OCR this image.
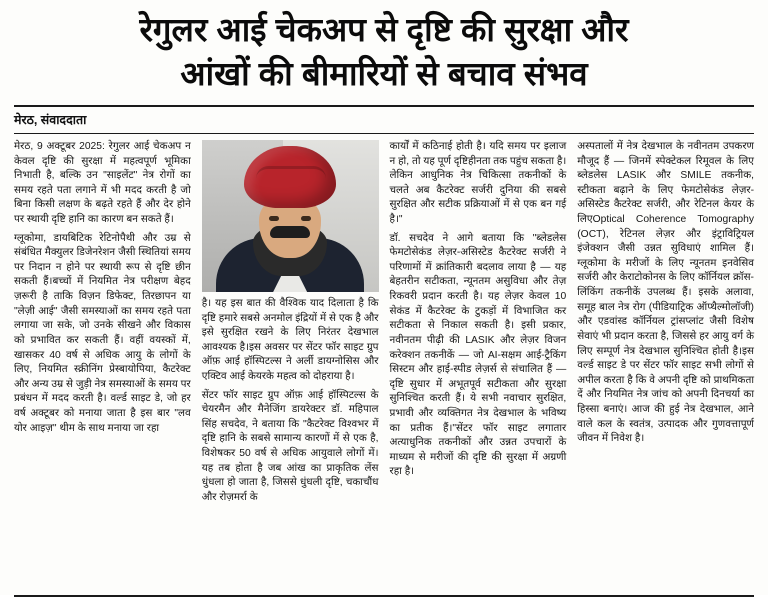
रेगुलर आई चेकअप से दृष्टि की सुरक्षा और
आंखों की बीमारियों से बचाव संभव
मेरठ, संवाददाता

मेरठ, 9 अक्टूबर 2025: रेगुलर आई चेकअप न केवल दृष्टि की सुरक्षा में महत्वपूर्ण भूमिका निभाती है, बल्कि उन "साइलेंट" नेत्र रोगों का समय रहते पता लगाने में भी मदद करती है जो बिना किसी लक्षण के बढ़ते रहते हैं और देर होने पर स्थायी दृष्टि हानि का कारण बन सकते हैं।

ग्लूकोमा, डायबिटिक रेटिनोपैथी और उम्र से संबंधित मैक्युलर डिजेनरेशन जैसी स्थितियां समय पर निदान न होने पर स्थायी रूप से दृष्टि छीन सकती हैं।बच्चों में नियमित नेत्र परीक्षण बेहद ज़रूरी है ताकि विज़न डिफेक्ट, तिरछापन या "लेज़ी आई" जैसी समस्याओं का समय रहते पता लगाया जा सके, जो उनके सीखने और विकास को प्रभावित कर सकती हैं। वहीं वयस्कों में, खासकर 40 वर्ष से अधिक आयु के लोगों के लिए, नियमित स्क्रीनिंग प्रेस्बायोपिया, कैटरेक्ट और अन्य उम्र से जुड़ी नेत्र समस्याओं के समय पर प्रबंधन में मदद करती है। वर्ल्ड साइट डे, जो हर वर्ष अक्टूबर को मनाया जाता है इस बार "लव योर आइज़" थीम के साथ मनाया जा रहा

है। यह इस बात की वैश्विक याद दिलाता है कि दृष्टि हमारे सबसे अनमोल इंद्रियों में से एक है और इसे सुरक्षित रखने के लिए निरंतर देखभाल आवश्यक है।इस अवसर पर सेंटर फॉर साइट ग्रुप ऑफ़ आई हॉस्पिटल्स ने अर्ली डायग्नोसिस और एक्टिव आई केयरके महत्व को दोहराया है।

सेंटर फॉर साइट ग्रुप ऑफ़ आई हॉस्पिटल्स के चेयरमैन और मैनेजिंग डायरेक्टर डॉ. महिपाल सिंह सचदेव, ने बताया कि "कैटरेक्ट विश्वभर में दृष्टि हानि के सबसे सामान्य कारणों में से एक है, विशेषकर 50 वर्ष से अधिक आयुवाले लोगों में। यह तब होता है जब आंख का प्राकृतिक लेंस धुंधला हो जाता है, जिससे धुंधली दृष्टि, चकाचौंध और रोज़मर्रा के

कार्यों में कठिनाई होती है। यदि समय पर इलाज न हो, तो यह पूर्ण दृष्टिहीनता तक पहुंच सकता है। लेकिन आधुनिक नेत्र चिकित्सा तकनीकों के चलते अब कैटरेक्ट सर्जरी दुनिया की सबसे सुरक्षित और सटीक प्रक्रियाओं में से एक बन गई है।"

डॉ. सचदेव ने आगे बताया कि "ब्लेडलेस फेमटोसेकंड लेज़र-असिस्टेड कैटरेक्ट सर्जरी ने परिणामों में क्रांतिकारी बदलाव लाया है — यह बेहतरीन सटीकता, न्यूनतम असुविधा और तेज़ रिकवरी प्रदान करती है। यह लेज़र केवल 10 सेकंड में कैटरेक्ट के टुकड़ों में विभाजित कर सटीकता से निकाल सकती है। इसी प्रकार, नवीनतम पीढ़ी की LASIK और लेज़र विजन करेक्शन तकनीकें — जो AI-सक्षम आई-ट्रैकिंग सिस्टम और हाई-स्पीड लेज़र्स से संचालित हैं — दृष्टि सुधार में अभूतपूर्व सटीकता और सुरक्षा सुनिश्चित करती हैं। ये सभी नवाचार सुरक्षित, प्रभावी और व्यक्तिगत नेत्र देखभाल के भविष्य का प्रतीक हैं।"सेंटर फॉर साइट लगातार अत्याधुनिक तकनीकों और उन्नत उपचारों के माध्यम से मरीजों की दृष्टि की सुरक्षा में अग्रणी रहा है।

अस्पतालों में नेत्र देखभाल के नवीनतम उपकरण मौजूद हैं — जिनमें स्पेक्टेकल रिमूवल के लिए ब्लेडलेस LASIK और SMILE तकनीक, स्टीकता बढ़ाने के लिए फेमटोसेकंड लेज़र-असिस्टेड कैटरेक्ट सर्जरी, और रेटिनल केयर के लिएOptical Coherence Tomography (OCT), रेटिनल लेज़र और इंट्राविट्रियल इंजेक्शन जैसी उन्नत सुविधाएं शामिल हैं। ग्लूकोमा के मरीजों के लिए न्यूनतम इनवेसिव सर्जरी और केराटोकोनस के लिए कॉर्नियल क्रॉस-लिंकिंग तकनीकें उपलब्ध हैं। इसके अलावा, समूह बाल नेत्र रोग (पीडियाट्रिक ऑप्थैल्मोलॉजी) और एडवांस्ड कॉर्नियल ट्रांसप्लांट जैसी विशेष सेवाएं भी प्रदान करता है, जिससे हर आयु वर्ग के लिए सम्पूर्ण नेत्र देखभाल सुनिश्चित होती है।इस वर्ल्ड साइट डे पर सेंटर फॉर साइट सभी लोगों से अपील करता है कि वे अपनी दृष्टि को प्राथमिकता दें और नियमित नेत्र जांच को अपनी दिनचर्या का हिस्सा बनाएं। आज की हुई नेत्र देखभाल, आने वाले कल के स्वतंत्र, उत्पादक और गुणवत्तापूर्ण जीवन में निवेश है।
